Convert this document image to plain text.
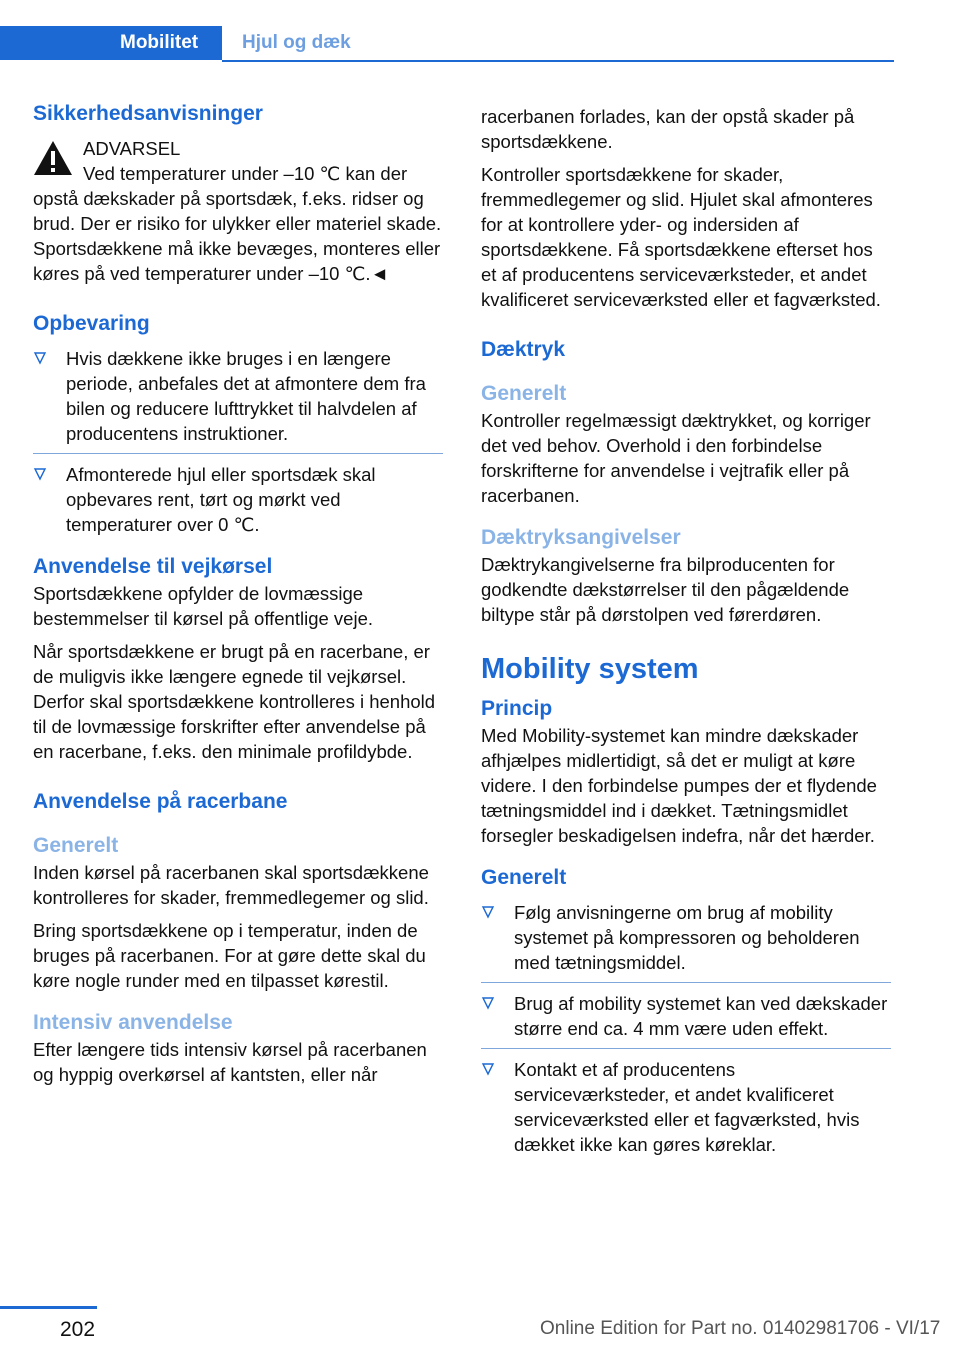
Mobilitet	Hjul og dæk
Sikkerhedsanvisninger
ADVARSEL
Ved temperaturer under –10 ℃ kan der opstå dækskader på sportsdæk, f.eks. ridser og brud. Der er risiko for ulykker eller materiel skade. Sportsdækkene må ikke bevæges, monteres eller køres på ved temperaturer under –10 ℃.◄
Opbevaring
Hvis dækkene ikke bruges i en længere periode, anbefales det at afmontere dem fra bilen og reducere lufttrykket til halvdelen af producentens instruktioner.
Afmonterede hjul eller sportsdæk skal opbevares rent, tørt og mørkt ved temperaturer over 0 ℃.
Anvendelse til vejkørsel

Sportsdækkene opfylder de lovmæssige bestemmelser til kørsel på offentlige veje.

Når sportsdækkene er brugt på en racerbane, er de muligvis ikke længere egnede til vejkørsel. Derfor skal sportsdækkene kontrolleres i henhold til de lovmæssige forskrifter efter anvendelse på en racerbane, f.eks. den minimale profildybde.

Anvendelse på racerbane
Generelt

Inden kørsel på racerbanen skal sportsdækkene kontrolleres for skader, fremmedlegemer og slid.

Bring sportsdækkene op i temperatur, inden de bruges på racerbanen. For at gøre dette skal du køre nogle runder med en tilpasset kørestil.

Intensiv anvendelse

Efter længere tids intensiv kørsel på racerbanen og hyppig overkørsel af kantsten, eller når

racerbanen forlades, kan der opstå skader på sportsdækkene.

Kontroller sportsdækkene for skader, fremmedlegemer og slid. Hjulet skal afmonteres for at kontrollere yder- og indersiden af sportsdækkene. Få sportsdækkene efterset hos et af producentens serviceværksteder, et andet kvalificeret serviceværksted eller et fagværksted.

Dæktryk
Generelt

Kontroller regelmæssigt dæktrykket, og korriger det ved behov. Overhold i den forbindelse forskrifterne for anvendelse i vejtrafik eller på racerbanen.

Dæktryksangivelser

Dæktrykangivelserne fra bilproducenten for godkendte dækstørrelser til den pågældende biltype står på dørstolpen ved førerdøren.

Mobility system
Princip

Med Mobility-systemet kan mindre dækskader afhjælpes midlertidigt, så det er muligt at køre videre. I den forbindelse pumpes der et flydende tætningsmiddel ind i dækket. Tætningsmidlet forsegler beskadigelsen indefra, når det hærder.

Generelt
Følg anvisningerne om brug af mobility systemet på kompressoren og beholderen med tætningsmiddel.
Brug af mobility systemet kan ved dækskader større end ca. 4 mm være uden effekt.
Kontakt et af producentens serviceværksteder, et andet kvalificeret serviceværksted eller et fagværksted, hvis dækket ikke kan gøres køreklar.
202	Online Edition for Part no. 01402981706 - VI/17
